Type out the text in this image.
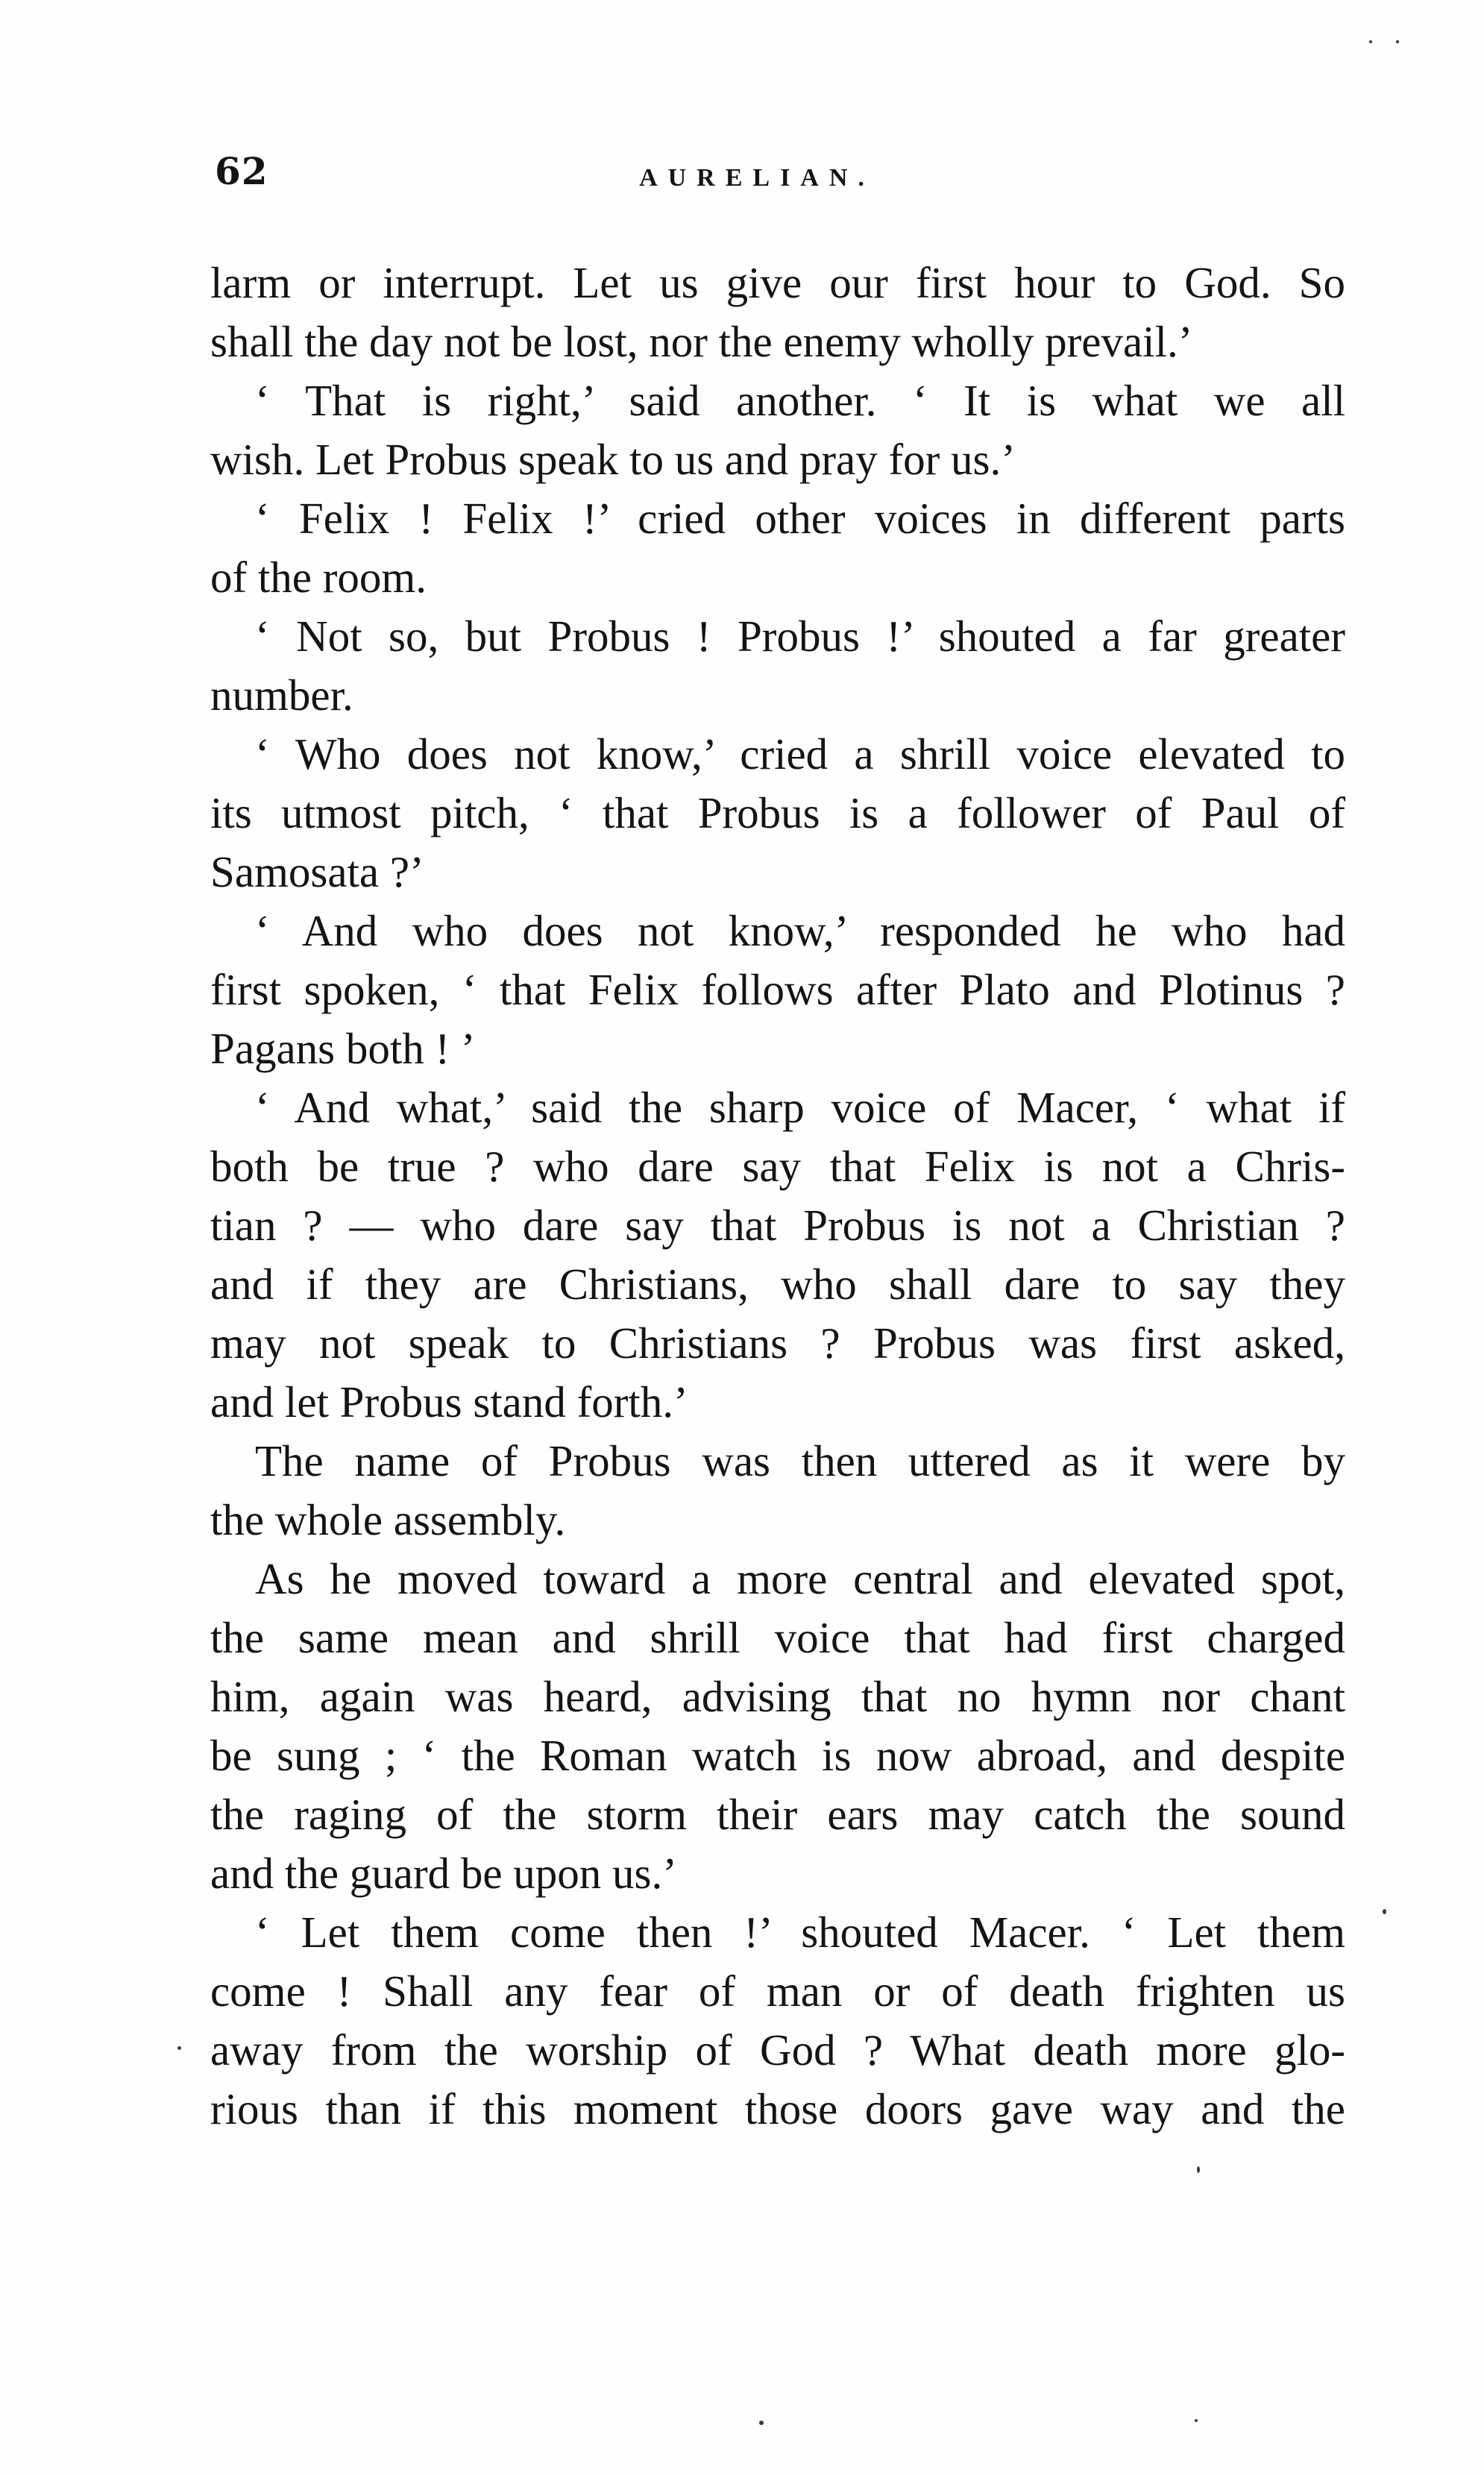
62	AURELIAN.
larm or interrupt. Let us give our first hour to God. So
shall the day not be lost, nor the enemy wholly prevail.’
‘ That is right,’ said another. ‘ It is what we all
wish. Let Probus speak to us and pray for us.’
‘ Felix ! Felix !’ cried other voices in different parts
of the room.
‘ Not so, but Probus ! Probus !’ shouted a far greater
number.
‘ Who does not know,’ cried a shrill voice elevated to
its utmost pitch, ‘ that Probus is a follower of Paul of
Samosata ?’
‘ And who does not know,’ responded he who had
first spoken, ‘ that Felix follows after Plato and Plotinus ?
Pagans both ! ’
‘ And what,’ said the sharp voice of Macer, ‘ what if
both be true ? who dare say that Felix is not a Chris-
tian ? — who dare say that Probus is not a Christian ?
and if they are Christians, who shall dare to say they
may not speak to Christians ? Probus was first asked,
and let Probus stand forth.’
The name of Probus was then uttered as it were by
the whole assembly.
As he moved toward a more central and elevated spot,
the same mean and shrill voice that had first charged
him, again was heard, advising that no hymn nor chant
be sung ; ‘ the Roman watch is now abroad, and despite
the raging of the storm their ears may catch the sound
and the guard be upon us.’
‘ Let them come then !’ shouted Macer. ‘ Let them
come ! Shall any fear of man or of death frighten us
away from the worship of God ? What death more glo-
rious than if this moment those doors gave way and the
